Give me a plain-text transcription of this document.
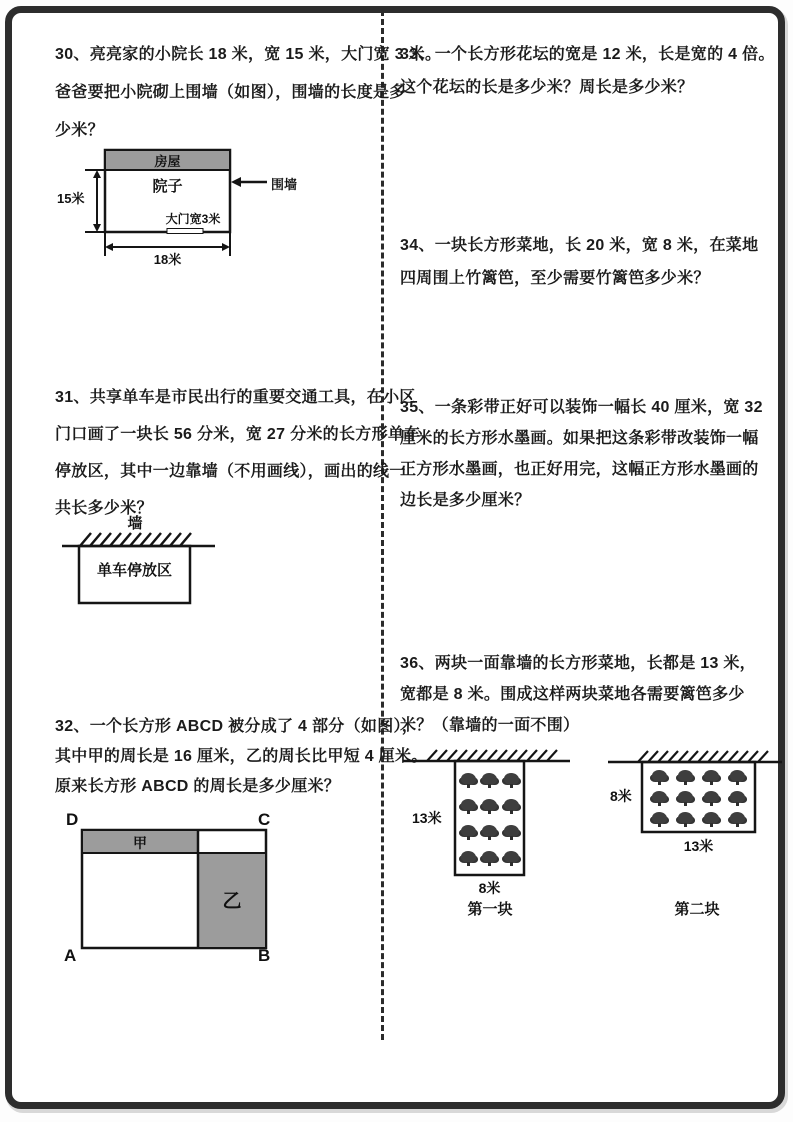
30、亮亮家的小院长 18 米，宽 15 米，大门宽 3 米。
爸爸要把小院砌上围墙（如图），围墙的长度是多
少米？
房屋
院子
大门宽3米
15米
18米
围墙
31、共享单车是市民出行的重要交通工具，在小区
门口画了一块长 56 分米，宽 27 分米的长方形单车
停放区，其中一边靠墙（不用画线），画出的线一
共长多少米？
墙
单车停放区
32、一个长方形 ABCD 被分成了 4 部分（如图），
其中甲的周长是 16 厘米，乙的周长比甲短 4 厘米。
原来长方形 ABCD 的周长是多少厘米？
D	C
A	B
甲
乙
33、一个长方形花坛的宽是 12 米，长是宽的 4 倍。
这个花坛的长是多少米？周长是多少米？
34、一块长方形菜地，长 20 米，宽 8 米，在菜地
四周围上竹篱笆，至少需要竹篱笆多少米？
35、一条彩带正好可以装饰一幅长 40 厘米，宽 32
厘米的长方形水墨画。如果把这条彩带改装饰一幅
正方形水墨画，也正好用完，这幅正方形水墨画的
边长是多少厘米？
36、两块一面靠墙的长方形菜地，长都是 13 米，
宽都是 8 米。围成这样两块菜地各需要篱笆多少
米？（靠墙的一面不围）
13米
8米
第一块
8米
13米
第二块
